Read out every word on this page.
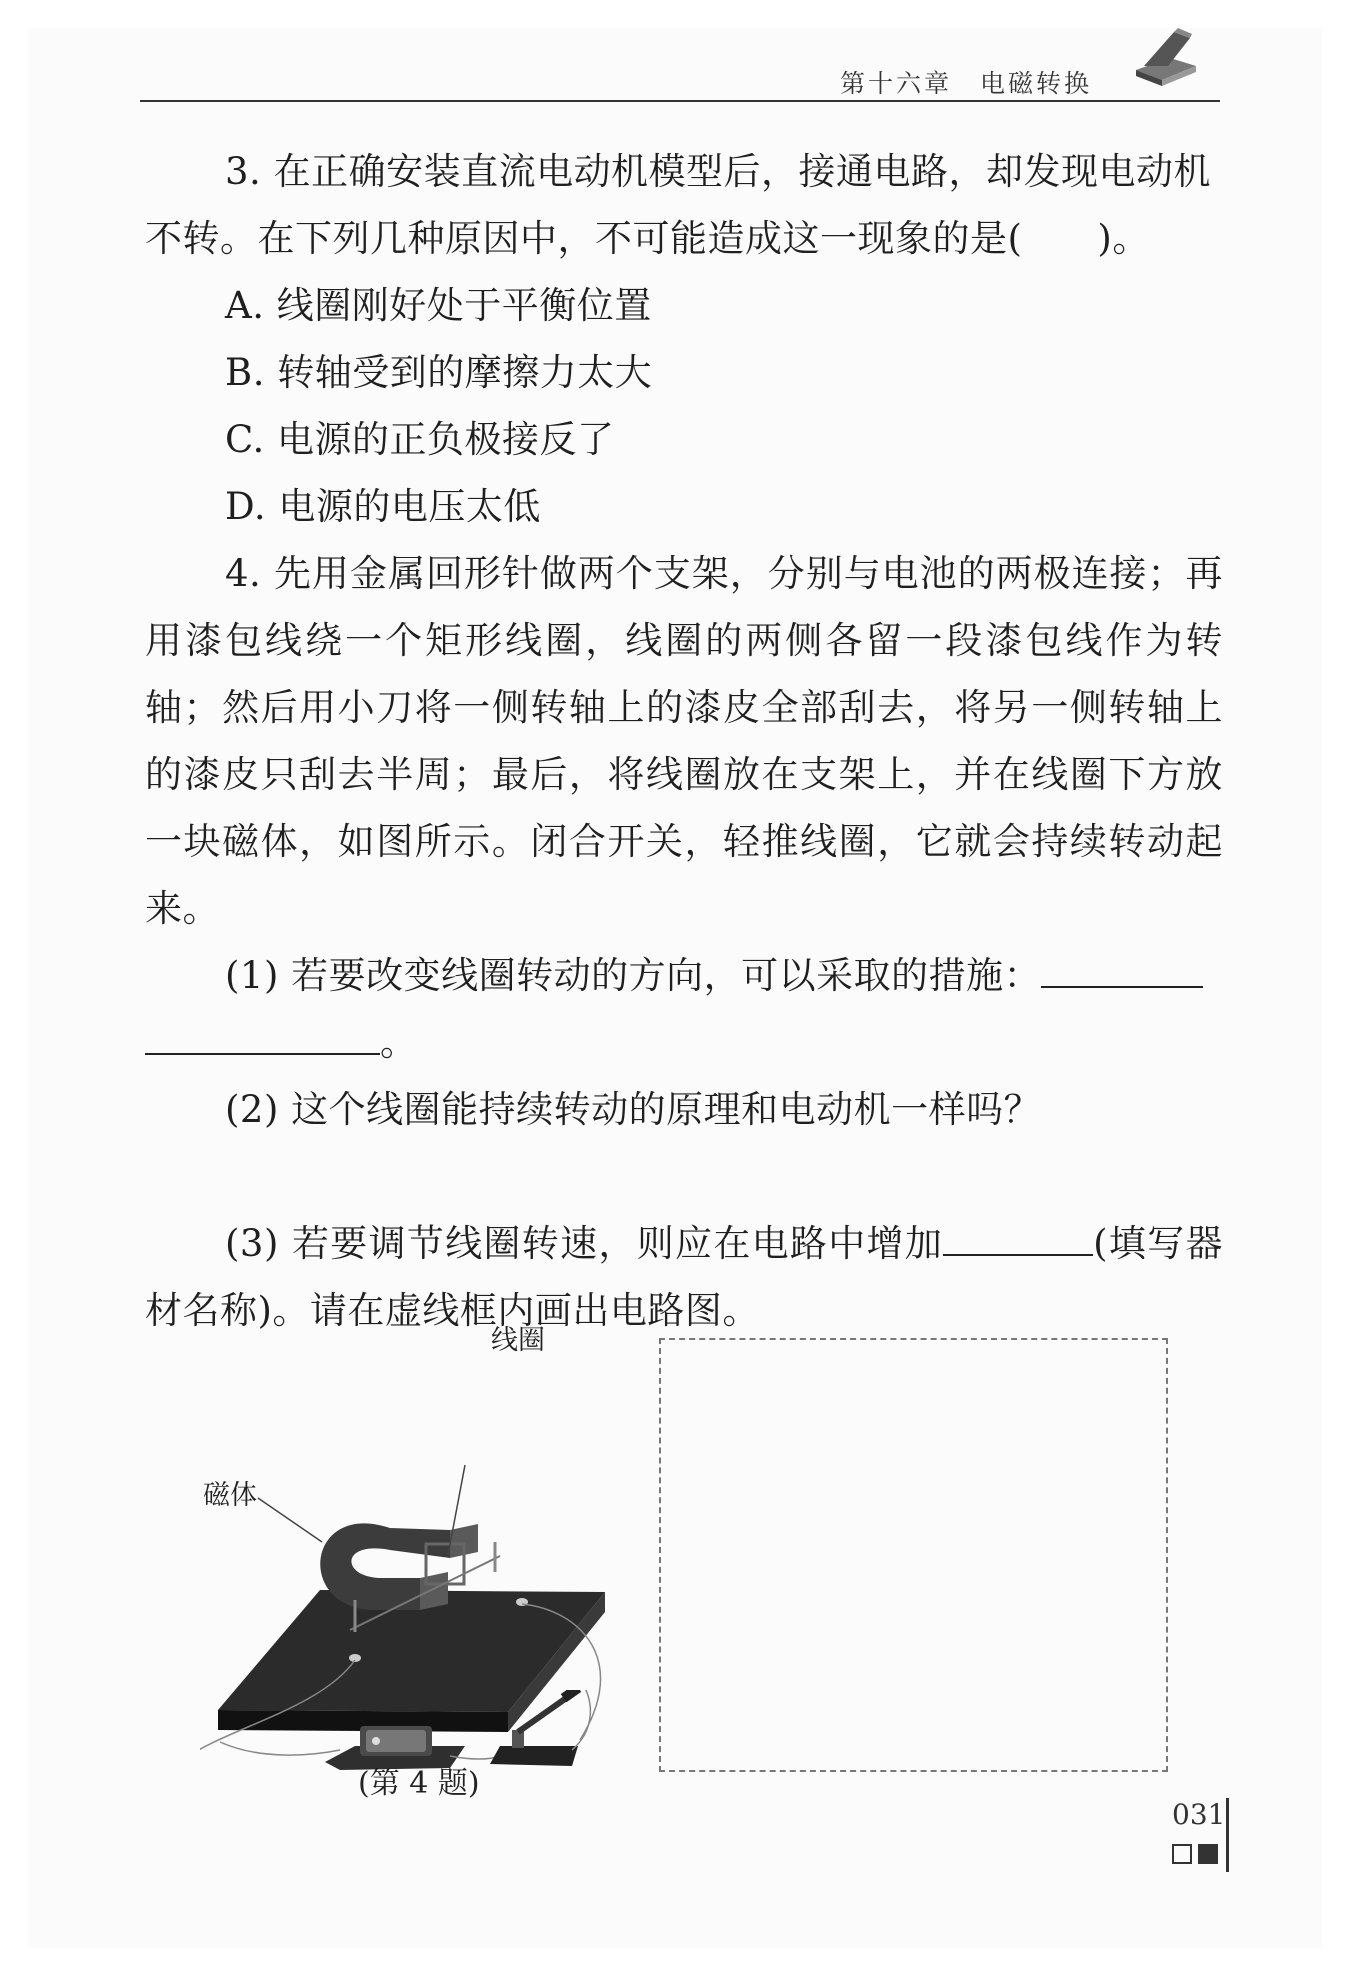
第十六章 电磁转换

3. 在正确安装直流电动机模型后，接通电路，却发现电动机

不转。在下列几种原因中，不可能造成这一现象的是(　　)。

A. 线圈刚好处于平衡位置

B. 转轴受到的摩擦力太大

C. 电源的正负极接反了

D. 电源的电压太低

4. 先用金属回形针做两个支架，分别与电池的两极连接；再用漆包线绕一个矩形线圈，线圈的两侧各留一段漆包线作为转轴；然后用小刀将一侧转轴上的漆皮全部刮去，将另一侧转轴上的漆皮只刮去半周；最后，将线圈放在支架上，并在线圈下方放一块磁体，如图所示。闭合开关，轻推线圈，它就会持续转动起来。

(1) 若要改变线圈转动的方向，可以采取的措施：

。

(2) 这个线圈能持续转动的原理和电动机一样吗？

(3) 若要调节线圈转速，则应在电路中增加	(填写器材名称)。请在虚线框内画出电路图。

线圈
磁体
(第 4 题)
031
